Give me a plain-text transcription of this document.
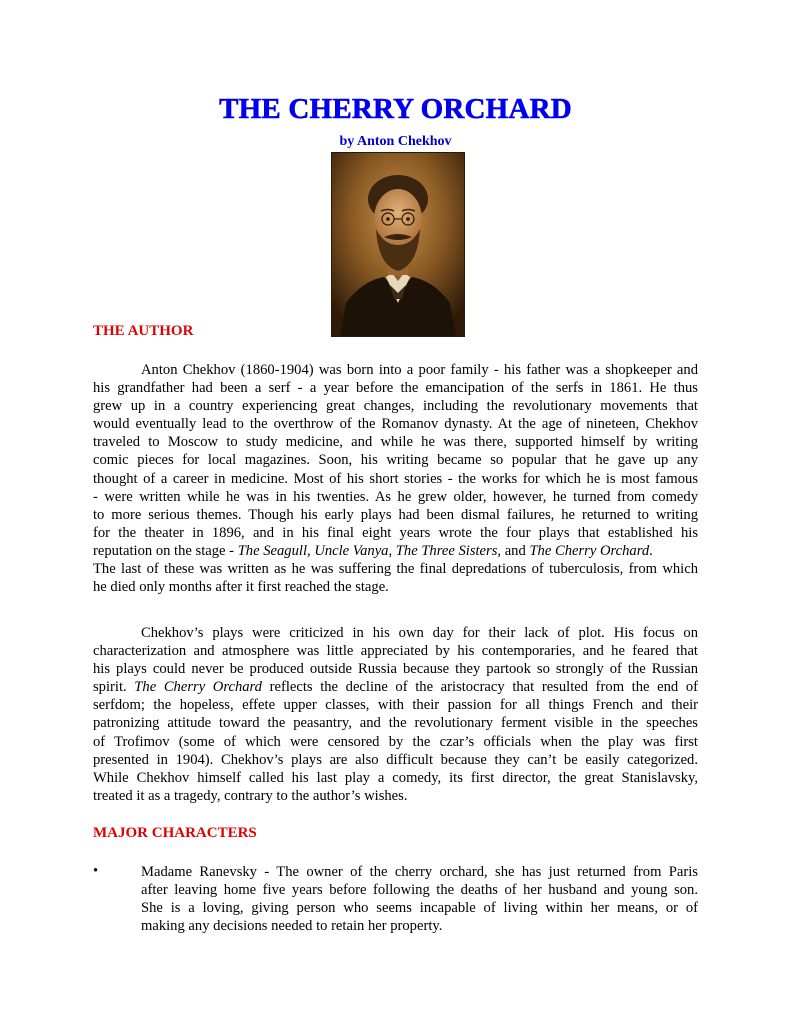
THE CHERRY ORCHARD
by Anton Chekhov
THE AUTHOR
Anton Chekhov (1860-1904) was born into a poor family - his father was a shopkeeper and
his grandfather had been a serf - a year before the emancipation of the serfs in 1861. He thus
grew up in a country experiencing great changes, including the revolutionary movements that
would eventually lead to the overthrow of the Romanov dynasty. At the age of nineteen, Chekhov
traveled to Moscow to study medicine, and while he was there, supported himself by writing
comic pieces for local magazines. Soon, his writing became so popular that he gave up any
thought of a career in medicine. Most of his short stories - the works for which he is most famous
- were written while he was in his twenties. As he grew older, however, he turned from comedy
to more serious themes. Though his early plays had been dismal failures, he returned to writing
for the theater in 1896, and in his final eight years wrote the four plays that established his
reputation on the stage - The Seagull, Uncle Vanya, The Three Sisters, and The Cherry Orchard.
The last of these was written as he was suffering the final depredations of tuberculosis, from which
he died only months after it first reached the stage.
Chekhov’s plays were criticized in his own day for their lack of plot. His focus on
characterization and atmosphere was little appreciated by his contemporaries, and he feared that
his plays could never be produced outside Russia because they partook so strongly of the Russian
spirit. The Cherry Orchard reflects the decline of the aristocracy that resulted from the end of
serfdom; the hopeless, effete upper classes, with their passion for all things French and their
patronizing attitude toward the peasantry, and the revolutionary ferment visible in the speeches
of Trofimov (some of which were censored by the czar’s officials when the play was first
presented in 1904). Chekhov’s plays are also difficult because they can’t be easily categorized.
While Chekhov himself called his last play a comedy, its first director, the great Stanislavsky,
treated it as a tragedy, contrary to the author’s wishes.
MAJOR CHARACTERS
•	Madame Ranevsky - The owner of the cherry orchard, she has just returned from Paris
after leaving home five years before following the deaths of her husband and young son.
She is a loving, giving person who seems incapable of living within her means, or of
making any decisions needed to retain her property.
